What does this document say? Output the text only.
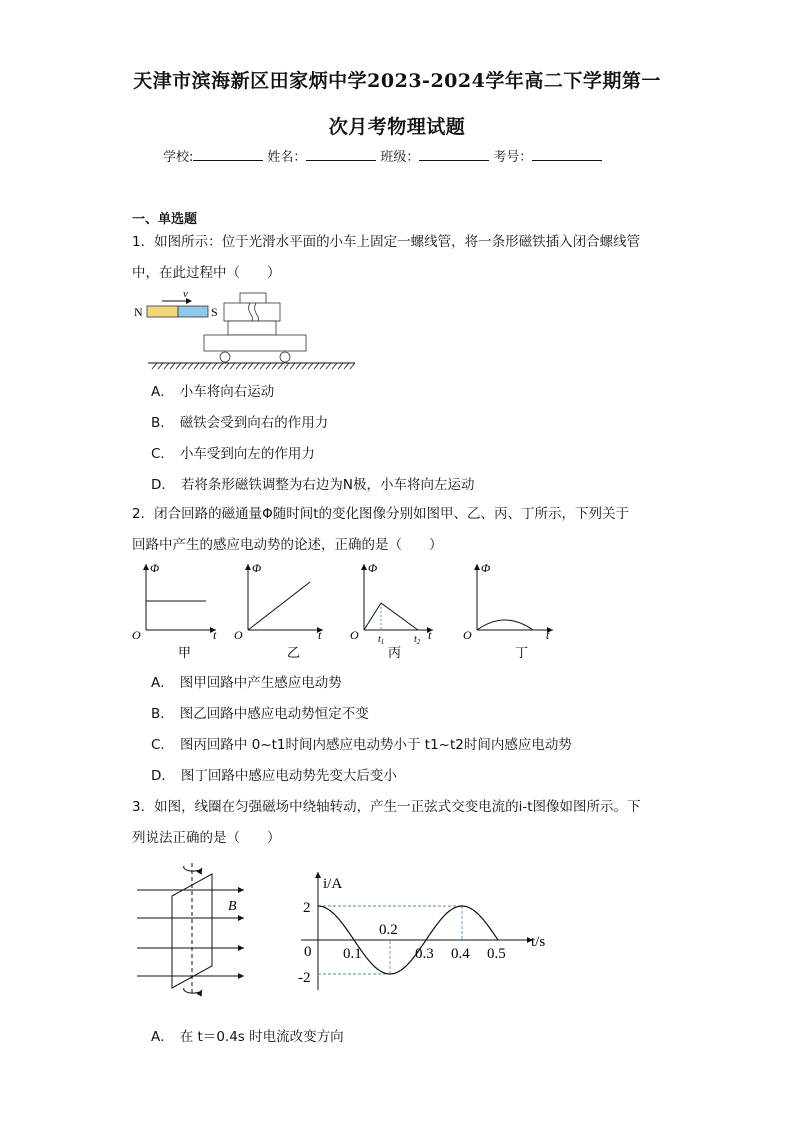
天津市滨海新区田家炳中学2023-2024学年高二下学期第一
次月考物理试题
学校:	姓名：	班级：	考号：
一、单选题
1．如图所示：位于光滑水平面的小车上固定一螺线管，将一条形磁铁插入闭合螺线管
中，在此过程中（　　）
N	S
v
A． 小车将向右运动
B． 磁铁会受到向右的作用力
C． 小车受到向左的作用力
D． 若将条形磁铁调整为右边为N极，小车将向左运动
2．闭合回路的磁通量Φ随时间t的变化图像分别如图甲、乙、丙、丁所示，下列关于
回路中产生的感应电动势的论述，正确的是（　　）
Φ
O	t
甲
Φ
O	t
乙
Φ
O	t
$t_1$	$t_2$
丙
Φ
O	t
丁
A． 图甲回路中产生感应电动势
B． 图乙回路中感应电动势恒定不变
C． 图丙回路中 0~t1时间内感应电动势小于 t1~t2时间内感应电动势
D． 图丁回路中感应电动势先变大后变小
3．如图，线圈在匀强磁场中绕轴转动，产生一正弦式交变电流的i-t图像如图所示。下
列说法正确的是（　　）
B
i/A
t/s
0
2
-2
0.1
0.2
0.3 0.4 0.5
A． 在 t＝0.4s 时电流改变方向
